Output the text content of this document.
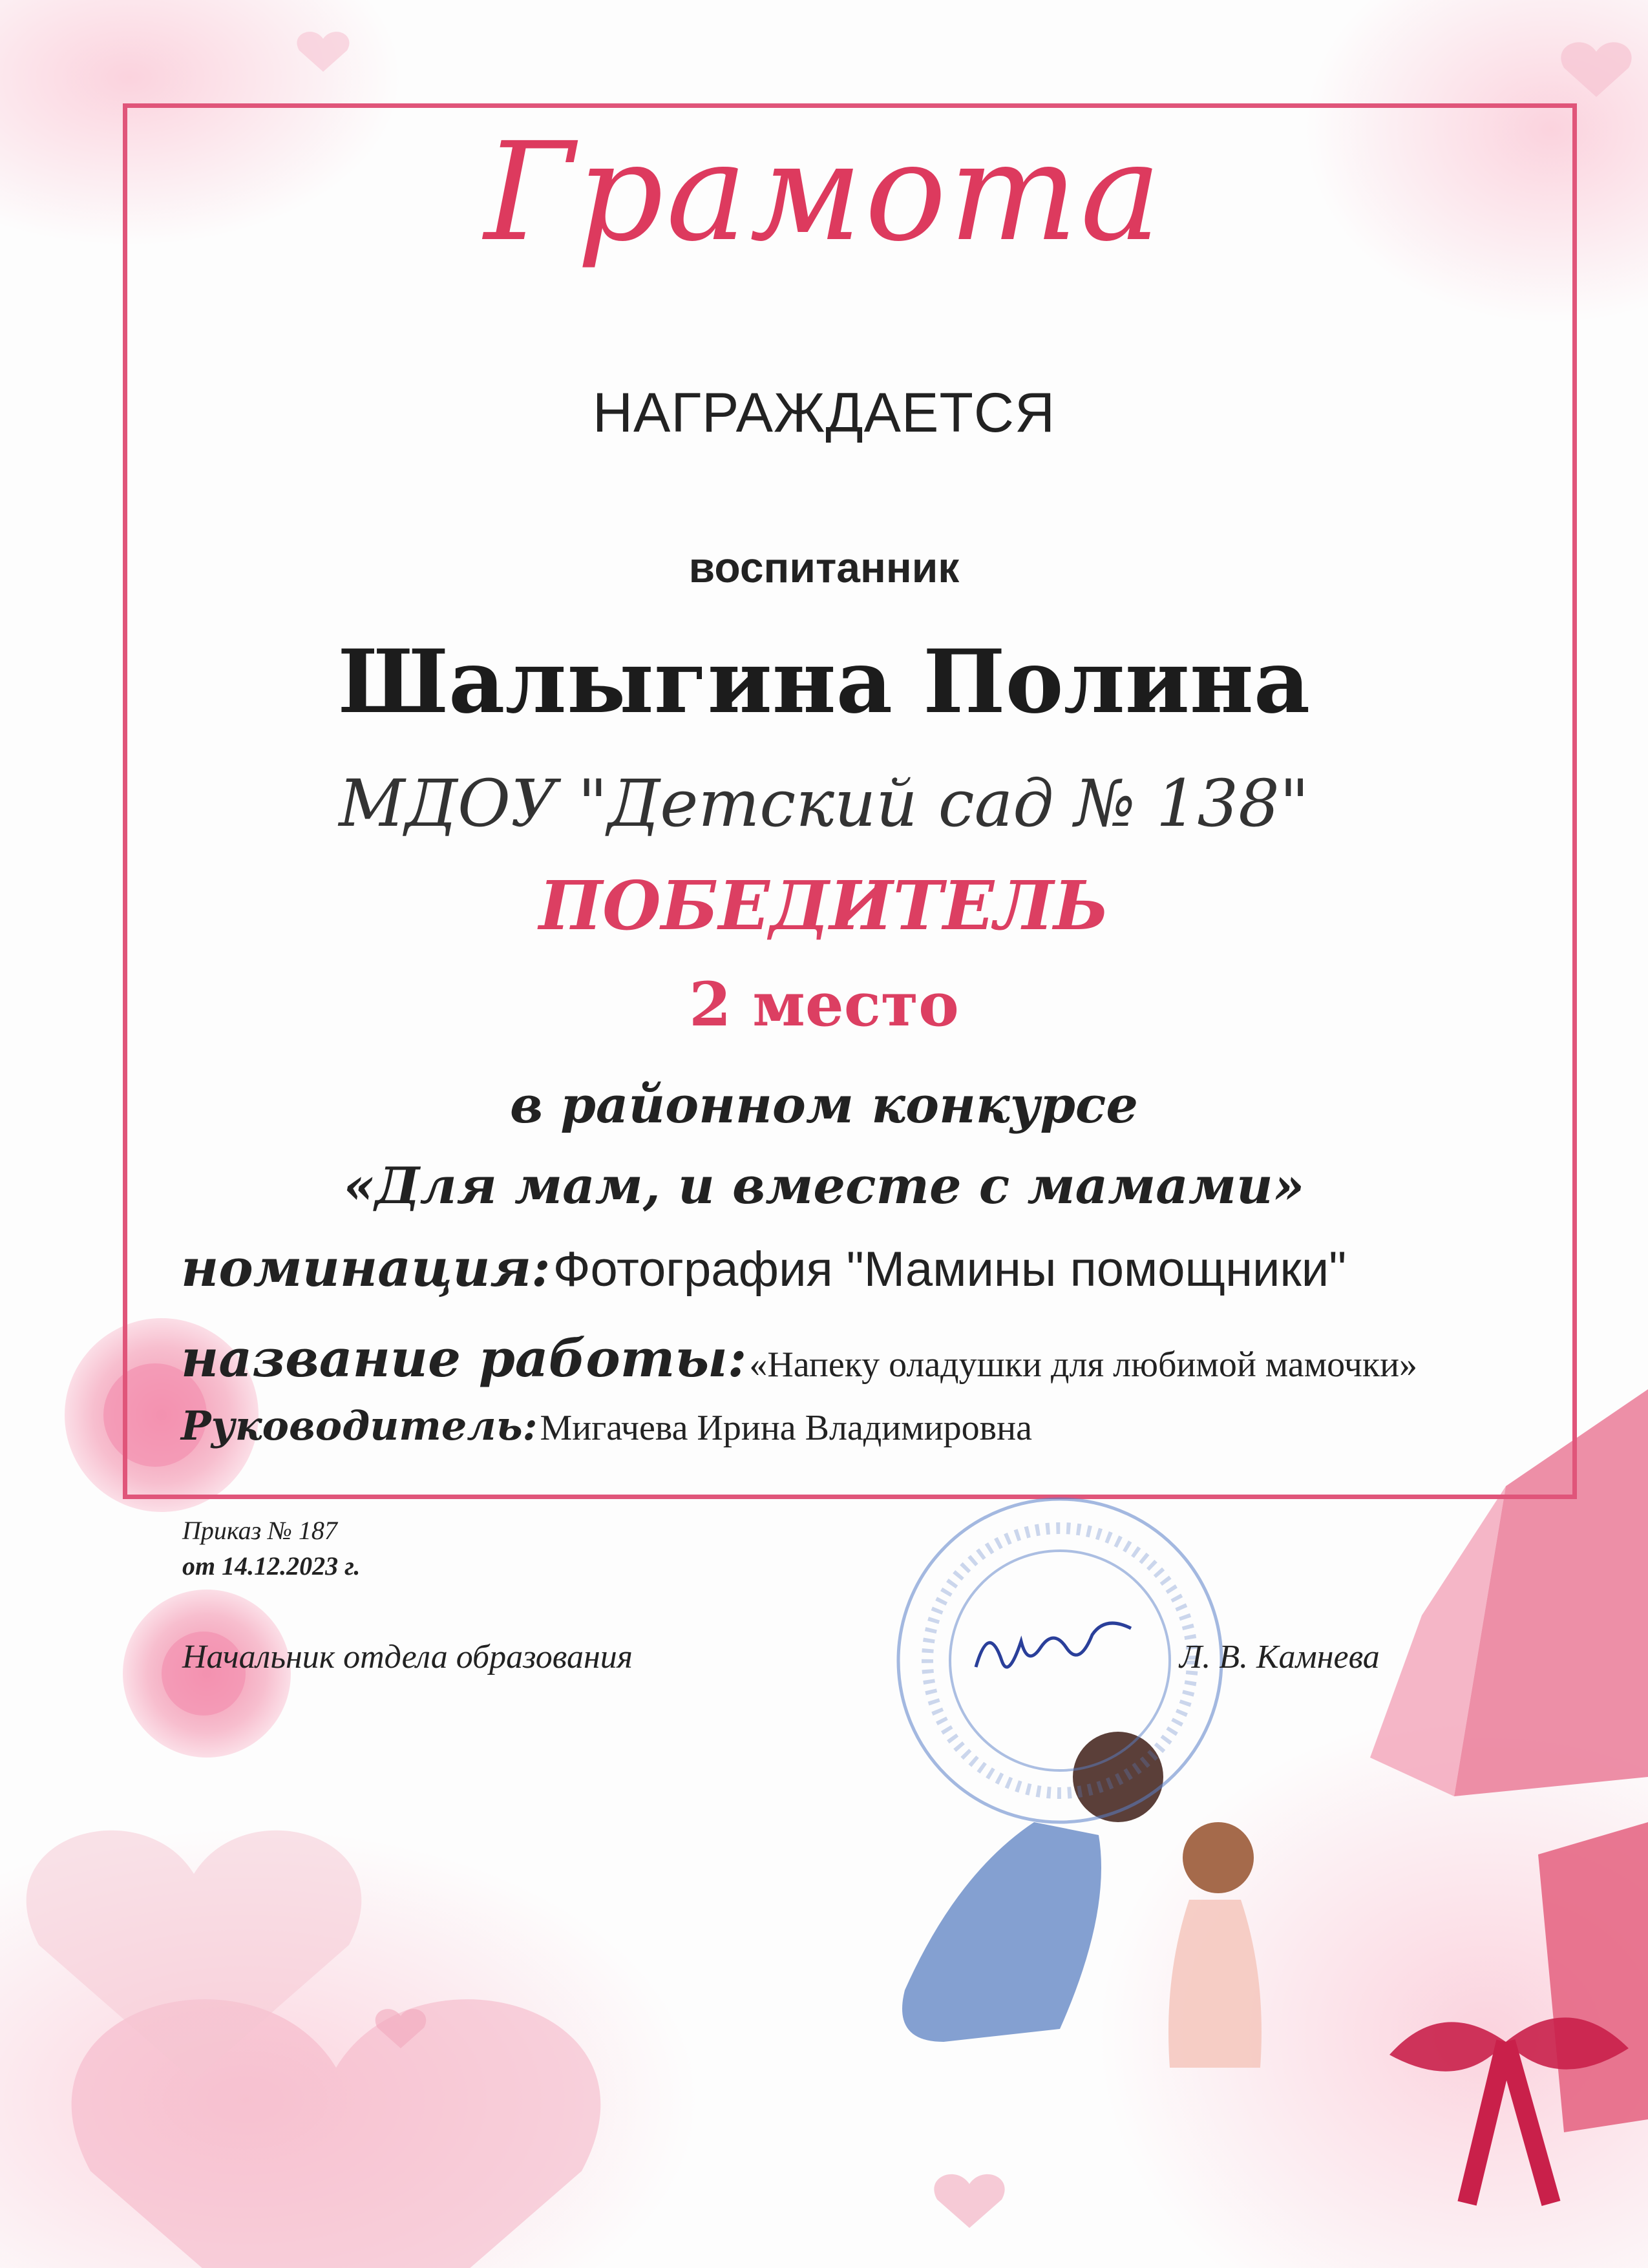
Грамота
НАГРАЖДАЕТСЯ
воспитанник
Шалыгина Полина
МДОУ "Детский сад № 138"
ПОБЕДИТЕЛЬ
2 место
в районном конкурсе
«Для мам, и вместе с мамами»
номинация: Фотография "Мамины помощники"
название работы: «Напеку оладушки для любимой мамочки»
Руководитель: Мигачева Ирина Владимировна
Приказ № 187
от 14.12.2023 г.
Начальник отдела образования	Л. В. Камнева
